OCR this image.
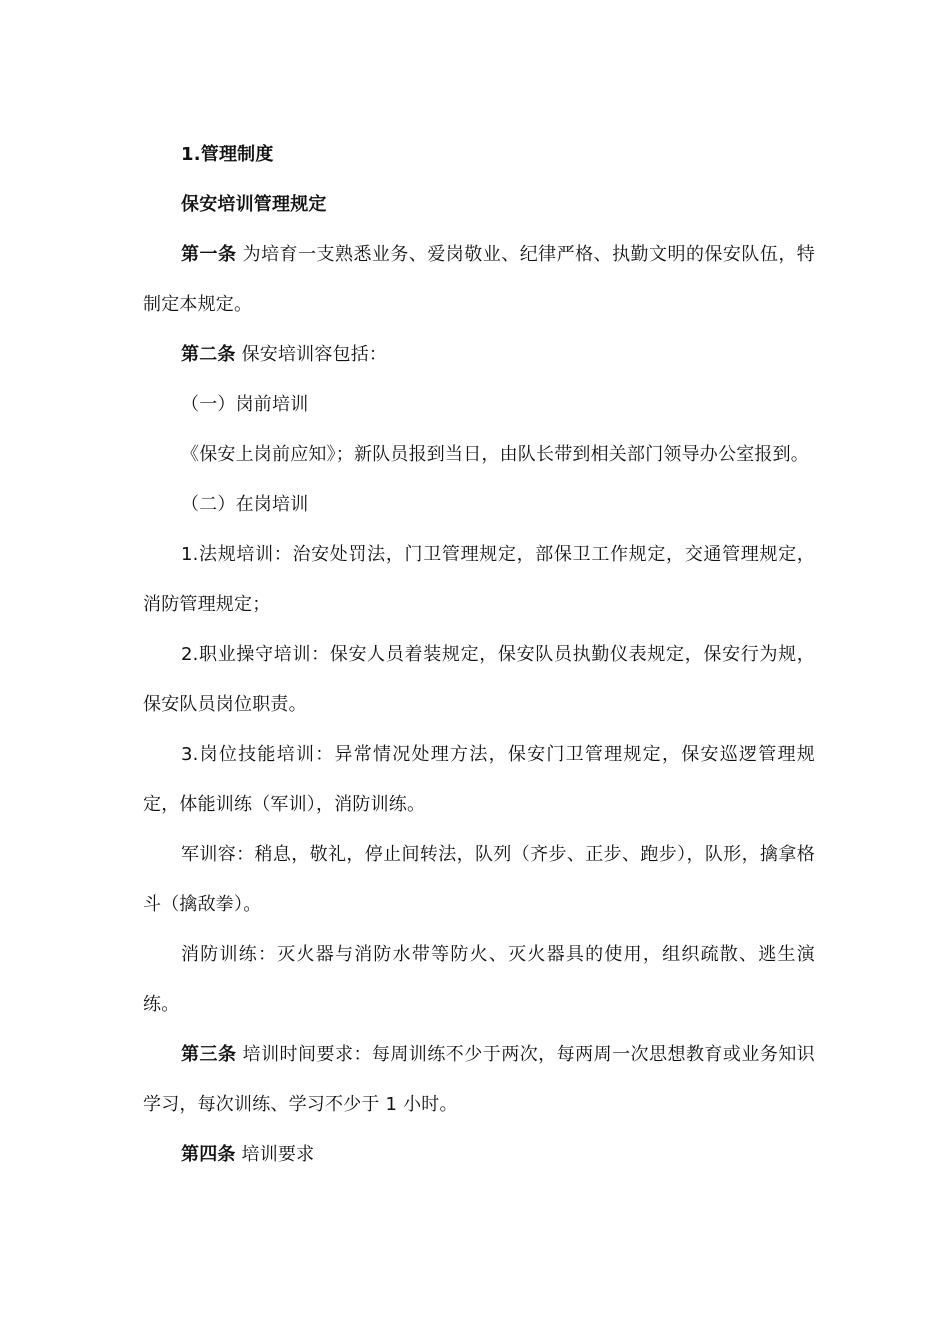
1.管理制度

保安培训管理规定

第一条 为培育一支熟悉业务、爱岗敬业、纪律严格、执勤文明的保安队伍，特制定本规定。

第二条 保安培训容包括：

（一）岗前培训

《保安上岗前应知》；新队员报到当日，由队长带到相关部门领导办公室报到。

（二）在岗培训

1.法规培训：治安处罚法，门卫管理规定，部保卫工作规定，交通管理规定，消防管理规定；

2.职业操守培训：保安人员着装规定，保安队员执勤仪表规定，保安行为规，保安队员岗位职责。

3.岗位技能培训：异常情况处理方法，保安门卫管理规定，保安巡逻管理规定，体能训练（军训），消防训练。

军训容：稍息，敬礼，停止间转法，队列（齐步、正步、跑步），队形，擒拿格斗（擒敌拳）。

消防训练：灭火器与消防水带等防火、灭火器具的使用，组织疏散、逃生演练。

第三条 培训时间要求：每周训练不少于两次，每两周一次思想教育或业务知识学习，每次训练、学习不少于 1 小时。

第四条 培训要求
